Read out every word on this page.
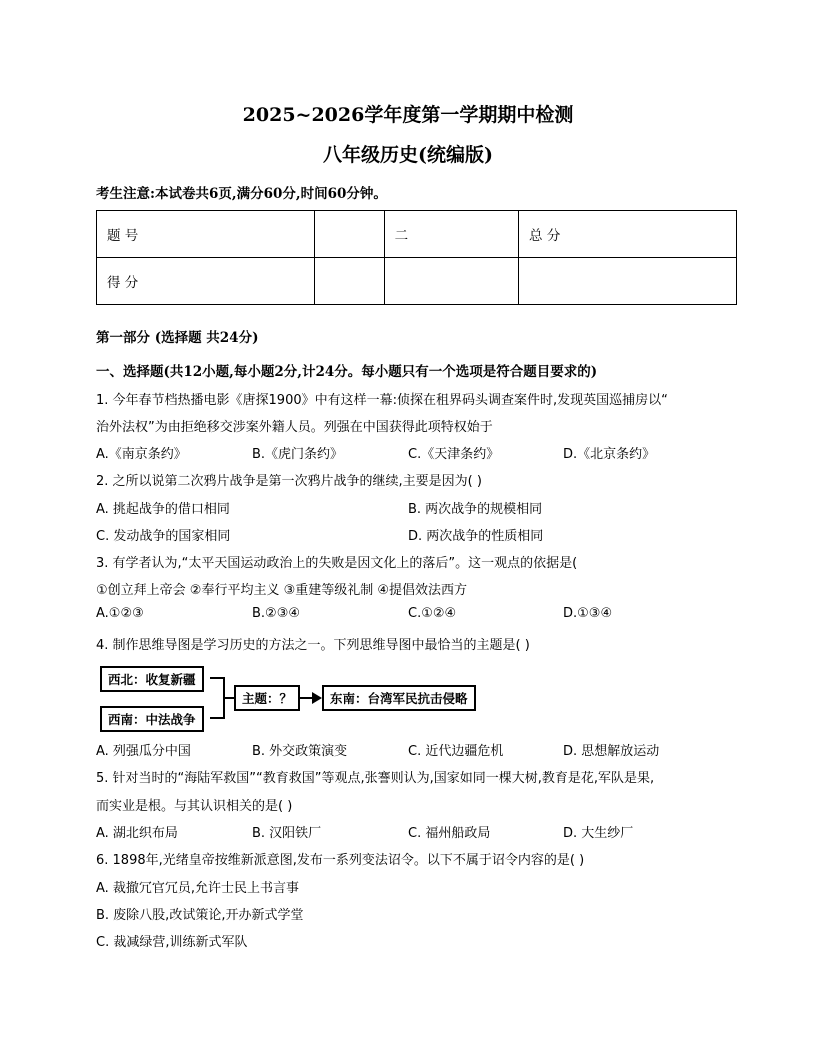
2025~2026学年度第一学期期中检测
八年级历史(统编版)
考生注意:本试卷共6页,满分60分,时间60分钟。
题 号		二	总 分
得 分			
第一部分 (选择题 共24分)
一、选择题(共12小题,每小题2分,计24分。每小题只有一个选项是符合题目要求的)
1. 今年春节档热播电影《唐探1900》中有这样一幕:侦探在租界码头调查案件时,发现英国巡捕房以“
治外法权”为由拒绝移交涉案外籍人员。列强在中国获得此项特权始于
A.《南京条约》	B.《虎门条约》	C.《天津条约》	D.《北京条约》
2. 之所以说第二次鸦片战争是第一次鸦片战争的继续,主要是因为( )
A. 挑起战争的借口相同	B. 两次战争的规模相同
C. 发动战争的国家相同	D. 两次战争的性质相同
3. 有学者认为,“太平天国运动政治上的失败是因文化上的落后”。这一观点的依据是(
①创立拜上帝会 ②奉行平均主义 ③重建等级礼制 ④提倡效法西方
A.①②③	B.②③④	C.①②④	D.①③④
4. 制作思维导图是学习历史的方法之一。下列思维导图中最恰当的主题是( )
西北：收复新疆
西南：中法战争
主题：？	东南：台湾军民抗击侵略
A. 列强瓜分中国	B. 外交政策演变	C. 近代边疆危机	D. 思想解放运动
5. 针对当时的“海陆军救国”“教育救国”等观点,张謇则认为,国家如同一棵大树,教育是花,军队是果,
而实业是根。与其认识相关的是( )
A. 湖北织布局	B. 汉阳铁厂	C. 福州船政局	D. 大生纱厂
6. 1898年,光绪皇帝按维新派意图,发布一系列变法诏令。以下不属于诏令内容的是( )
A. 裁撤冗官冗员,允许士民上书言事
B. 废除八股,改试策论,开办新式学堂
C. 裁减绿营,训练新式军队
